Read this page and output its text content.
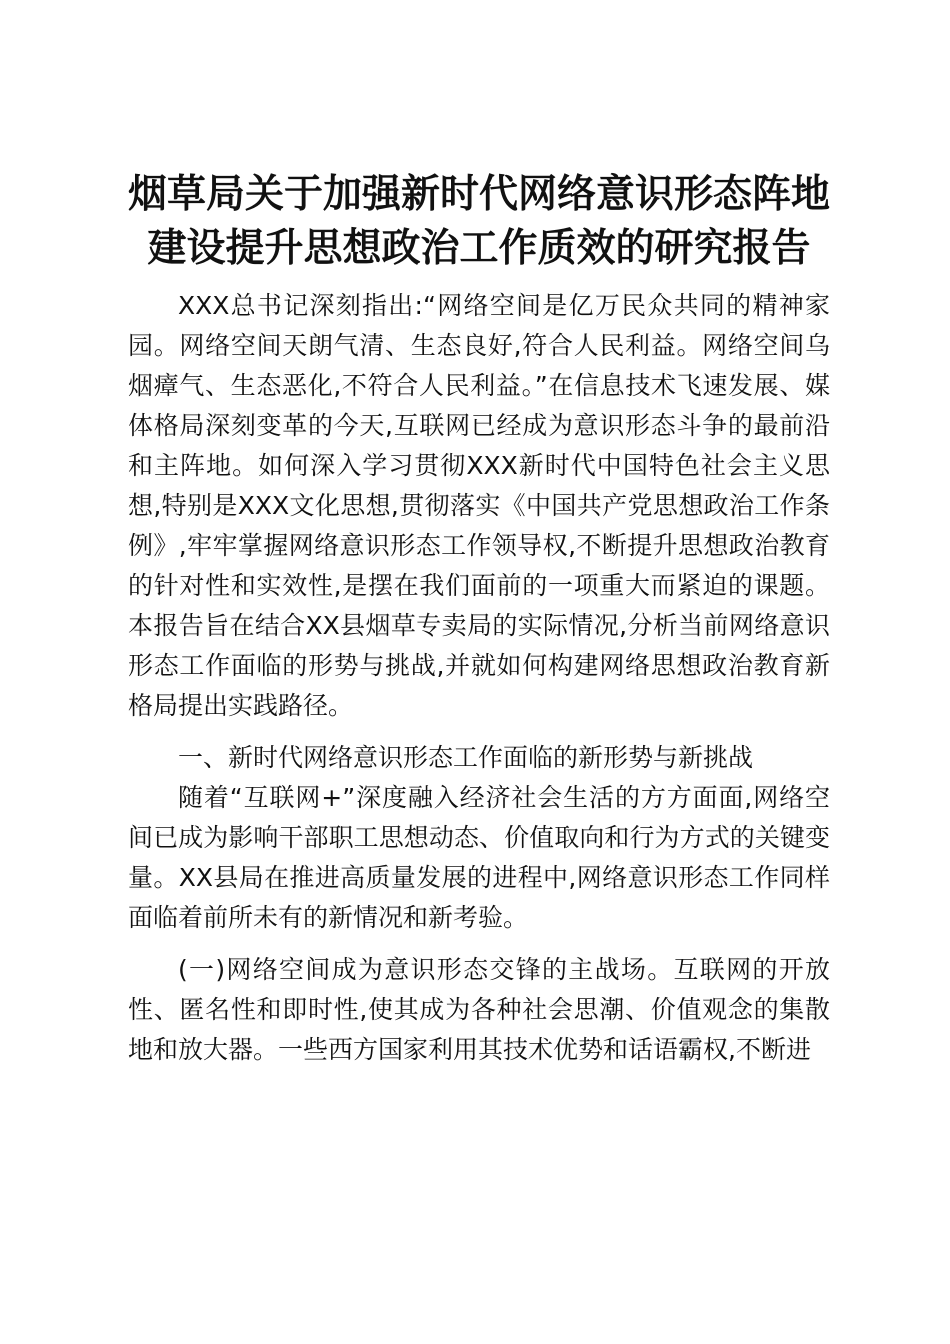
烟草局关于加强新时代网络意识形态阵地建设提升思想政治工作质效的研究报告

XXX总书记深刻指出:“网络空间是亿万民众共同的精神家园。网络空间天朗气清、生态良好,符合人民利益。网络空间乌烟瘴气、生态恶化,不符合人民利益。”在信息技术飞速发展、媒体格局深刻变革的今天,互联网已经成为意识形态斗争的最前沿和主阵地。如何深入学习贯彻XXX新时代中国特色社会主义思想,特别是XXX文化思想,贯彻落实《中国共产党思想政治工作条例》,牢牢掌握网络意识形态工作领导权,不断提升思想政治教育的针对性和实效性,是摆在我们面前的一项重大而紧迫的课题。本报告旨在结合XX县烟草专卖局的实际情况,分析当前网络意识形态工作面临的形势与挑战,并就如何构建网络思想政治教育新格局提出实践路径。

一、新时代网络意识形态工作面临的新形势与新挑战

随着“互联网+”深度融入经济社会生活的方方面面,网络空间已成为影响干部职工思想动态、价值取向和行为方式的关键变量。XX县局在推进高质量发展的进程中,网络意识形态工作同样面临着前所未有的新情况和新考验。

(一)网络空间成为意识形态交锋的主战场。互联网的开放性、匿名性和即时性,使其成为各种社会思潮、价值观念的集散地和放大器。一些西方国家利用其技术优势和话语霸权,不断进
